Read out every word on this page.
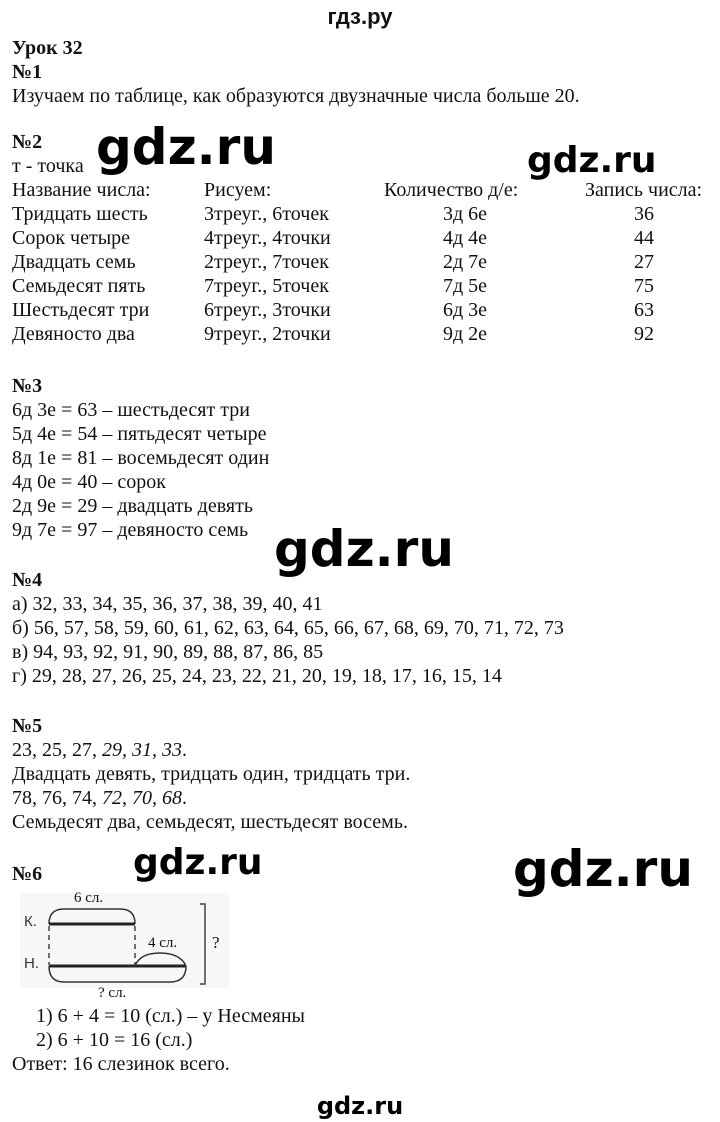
гдз.ру
Урок 32
№1
Изучаем по таблице, как образуются двузначные числа больше 20.
№2
т - точка gdz.ru	gdz.ru
Название числа:	Рисуем:	Количество д/е:	Запись числа:
Тридцать шесть	3треуг., 6точек	3д 6е	36
Сорок четыре	4треуг., 4точки	4д 4е	44
Двадцать семь	2треуг., 7точек	2д 7е	27
Семьдесят пять	7треуг., 5точек	7д 5е	75
Шестьдесят три	6треуг., 3точки	6д 3е	63
Девяносто два	9треуг., 2точки	9д 2е	92
№3
6д 3е = 63 – шестьдесят три
5д 4е = 54 – пятьдесят четыре
8д 1е = 81 – восемьдесят один
4д 0е = 40 – сорок
2д 9е = 29 – двадцать девять
9д 7е = 97 – девяносто семь gdz.ru
№4
а) 32, 33, 34, 35, 36, 37, 38, 39, 40, 41
б) 56, 57, 58, 59, 60, 61, 62, 63, 64, 65, 66, 67, 68, 69, 70, 71, 72, 73
в) 94, 93, 92, 91, 90, 89, 88, 87, 86, 85
г) 29, 28, 27, 26, 25, 24, 23, 22, 21, 20, 19, 18, 17, 16, 15, 14
№5
23, 25, 27, 29, 31, 33.
Двадцать девять, тридцать один, тридцать три.
78, 76, 74, 72, 70, 68.
Семьдесят два, семьдесят, шестьдесят восемь.
№6	gdz.ru	gdz.ru
К.
Н.
6 сл.
4 сл.
? сл.
?
1) 6 + 4 = 10 (сл.) – у Несмеяны
2) 6 + 10 = 16 (сл.)
Ответ: 16 слезинок всего.
gdz.ru
